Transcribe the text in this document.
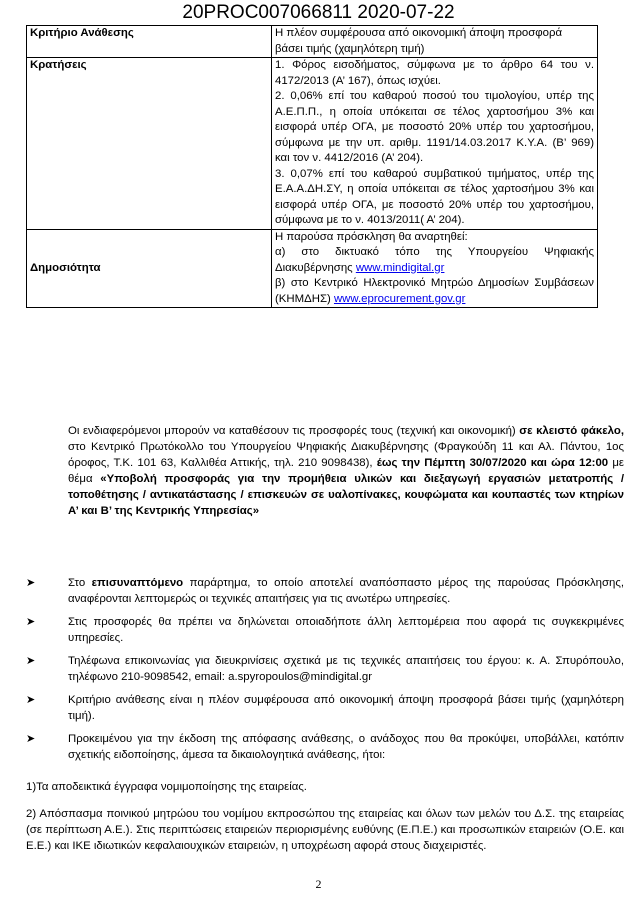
20PROC007066811 2020-07-22
Κριτήριο Ανάθεσης	Η πλέον συμφέρουσα από οικονομική άποψη προσφορά
βάσει τιμής (χαμηλότερη τιμή)

Κρατήσεις	1. Φόρος εισοδήματος, σύμφωνα με το άρθρο 64 του ν. 4172/2013 (Α’ 167), όπως ισχύει.
2. 0,06% επί του καθαρού ποσού του τιμολογίου, υπέρ της Α.Ε.Π.Π., η οποία υπόκειται σε τέλος χαρτοσήμου 3% και εισφορά υπέρ ΟΓΑ, με ποσοστό 20% υπέρ του χαρτοσήμου, σύμφωνα με την υπ. αριθμ. 1191/14.03.2017 Κ.Υ.Α. (Β’ 969) και τον ν. 4412/2016 (Α’ 204).
3. 0,07% επί του καθαρού συμβατικού τιμήματος, υπέρ της Ε.Α.Α.ΔΗ.ΣΥ, η οποία υπόκειται σε τέλος χαρτοσήμου 3% και εισφορά υπέρ ΟΓΑ, με ποσοστό 20% υπέρ του χαρτοσήμου, σύμφωνα με το ν. 4013/2011( Α’ 204).

Δημοσιότητα	Η παρούσα πρόσκληση θα αναρτηθεί:
α) στο δικτυακό τόπο της Υπουργείου Ψηφιακής Διακυβέρνησης www.mindigital.gr
β) στο Κεντρικό Ηλεκτρονικό Μητρώο Δημοσίων Συμβάσεων (ΚΗΜΔΗΣ) www.eprocurement.gov.gr
Οι ενδιαφερόμενοι μπορούν να καταθέσουν τις προσφορές τους (τεχνική και οικονομική) σε κλειστό φάκελο, στο Κεντρικό Πρωτόκολλο του Υπουργείου Ψηφιακής Διακυβέρνησης (Φραγκούδη 11 και Αλ. Πάντου, 1ος όροφος, Τ.Κ. 101 63, Καλλιθέα Αττικής, τηλ. 210 9098438), έως την Πέμπτη 30/07/2020 και ώρα 12:00 με θέμα «Υποβολή προσφοράς για την προμήθεια υλικών και διεξαγωγή εργασιών μετατροπής / τοποθέτησης / αντικατάστασης / επισκευών σε υαλοπίνακες, κουφώματα και κουπαστές των κτηρίων Α’ και Β’ της Κεντρικής Υπηρεσίας»
➤	Στο επισυναπτόμενο παράρτημα, το οποίο αποτελεί αναπόσπαστο μέρος της παρούσας Πρόσκλησης, αναφέρονται λεπτομερώς οι τεχνικές απαιτήσεις για τις ανωτέρω υπηρεσίες.
➤	Στις προσφορές θα πρέπει να δηλώνεται οποιαδήποτε άλλη λεπτομέρεια που αφορά τις συγκεκριμένες υπηρεσίες.
➤	Τηλέφωνα επικοινωνίας για διευκρινίσεις σχετικά με τις τεχνικές απαιτήσεις του έργου: κ. Α. Σπυρόπουλο, τηλέφωνο 210-9098542, email: a.spyropoulos@mindigital.gr
➤	Κριτήριο ανάθεσης είναι η πλέον συμφέρουσα από οικονομική άποψη προσφορά βάσει τιμής (χαμηλότερη τιμή).
➤	Προκειμένου για την έκδοση της απόφασης ανάθεσης, ο ανάδοχος που θα προκύψει, υποβάλλει, κατόπιν σχετικής ειδοποίησης, άμεσα τα δικαιολογητικά ανάθεσης, ήτοι:
1)Τα αποδεικτικά έγγραφα νομιμοποίησης της εταιρείας.
2) Απόσπασμα ποινικού μητρώου του νομίμου εκπροσώπου της εταιρείας και όλων των μελών του Δ.Σ. της εταιρείας (σε περίπτωση Α.Ε.). Στις περιπτώσεις εταιρειών περιορισμένης ευθύνης (Ε.Π.Ε.) και προσωπικών εταιρειών (Ο.Ε. και Ε.Ε.) και ΙΚΕ ιδιωτικών κεφαλαιουχικών εταιρειών, η υποχρέωση αφορά στους διαχειριστές.
2
